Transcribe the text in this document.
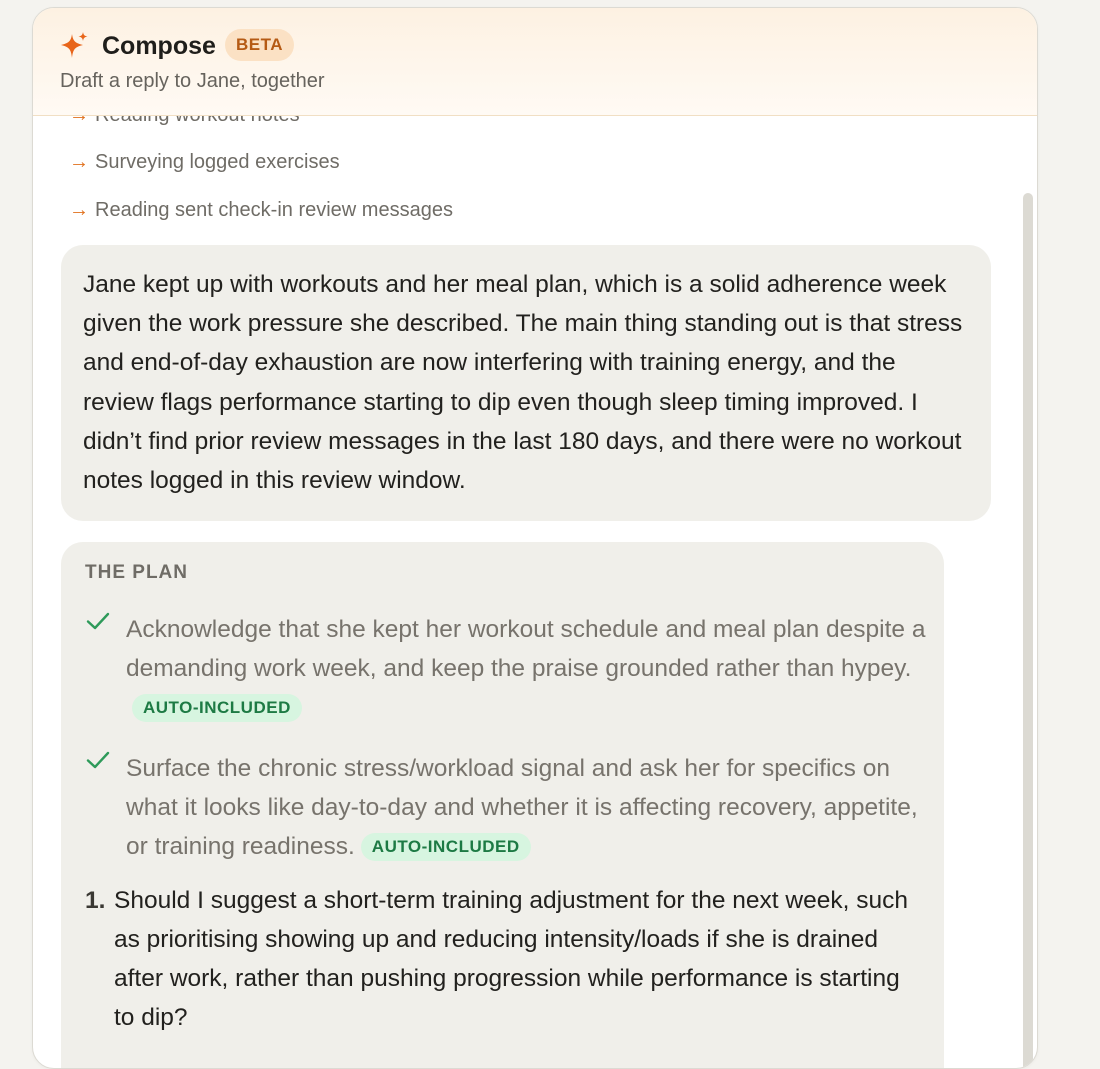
→ Surveying logged exercises
→ Reading sent check-in review messages
Jane kept up with workouts and her meal plan, which is a solid adherence week given the work pressure she described. The main thing standing out is that stress and end-of-day exhaustion are now interfering with training energy, and the review flags performance starting to dip even though sleep timing improved. I didn’t find prior review messages in the last 180 days, and there were no workout notes logged in this review window.
THE PLAN
Acknowledge that she kept her workout schedule and meal plan despite a demanding work week, and keep the praise grounded rather than hypey.AUTO-INCLUDED
Surface the chronic stress/workload signal and ask her for specifics on what it looks like day-to-day and whether it is affecting recovery, appetite, or training readiness. AUTO-INCLUDED
1. Should I suggest a short-term training adjustment for the next week, such as prioritising showing up and reducing intensity/loads if she is drained after work, rather than pushing progression while performance is starting to dip?
Compose	BETA
Draft a reply to Jane, together
